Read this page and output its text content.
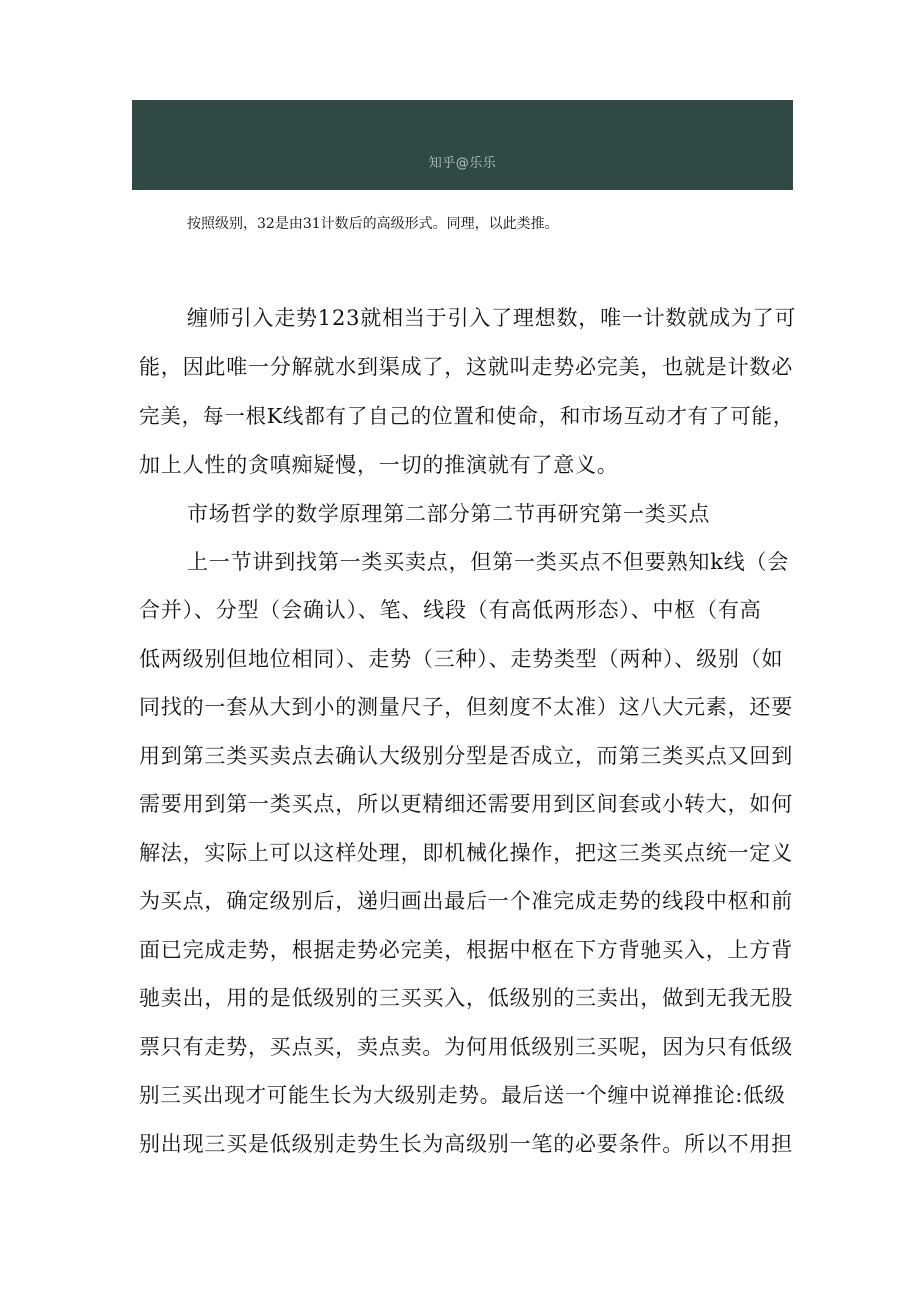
知乎@乐乐
按照级别，32是由31计数后的高级形式。同理，以此类推。
缠师引入走势123就相当于引入了理想数，唯一计数就成为了可
能，因此唯一分解就水到渠成了，这就叫走势必完美，也就是计数必
完美，每一根K线都有了自己的位置和使命，和市场互动才有了可能，
加上人性的贪嗔痴疑慢，一切的推演就有了意义。
市场哲学的数学原理第二部分第二节再研究第一类买点
上一节讲到找第一类买卖点，但第一类买点不但要熟知k线（会
合并）、分型（会确认）、笔、线段（有高低两形态）、中枢（有高
低两级别但地位相同）、走势（三种）、走势类型（两种）、级别（如
同找的一套从大到小的测量尺子，但刻度不太准）这八大元素，还要
用到第三类买卖点去确认大级别分型是否成立，而第三类买点又回到
需要用到第一类买点，所以更精细还需要用到区间套或小转大，如何
解法，实际上可以这样处理，即机械化操作，把这三类买点统一定义
为买点，确定级别后，递归画出最后一个准完成走势的线段中枢和前
面已完成走势，根据走势必完美，根据中枢在下方背驰买入，上方背
驰卖出，用的是低级别的三买买入，低级别的三卖出，做到无我无股
票只有走势，买点买，卖点卖。为何用低级别三买呢，因为只有低级
别三买出现才可能生长为大级别走势。最后送一个缠中说禅推论:低级
别出现三买是低级别走势生长为高级别一笔的必要条件。所以不用担
